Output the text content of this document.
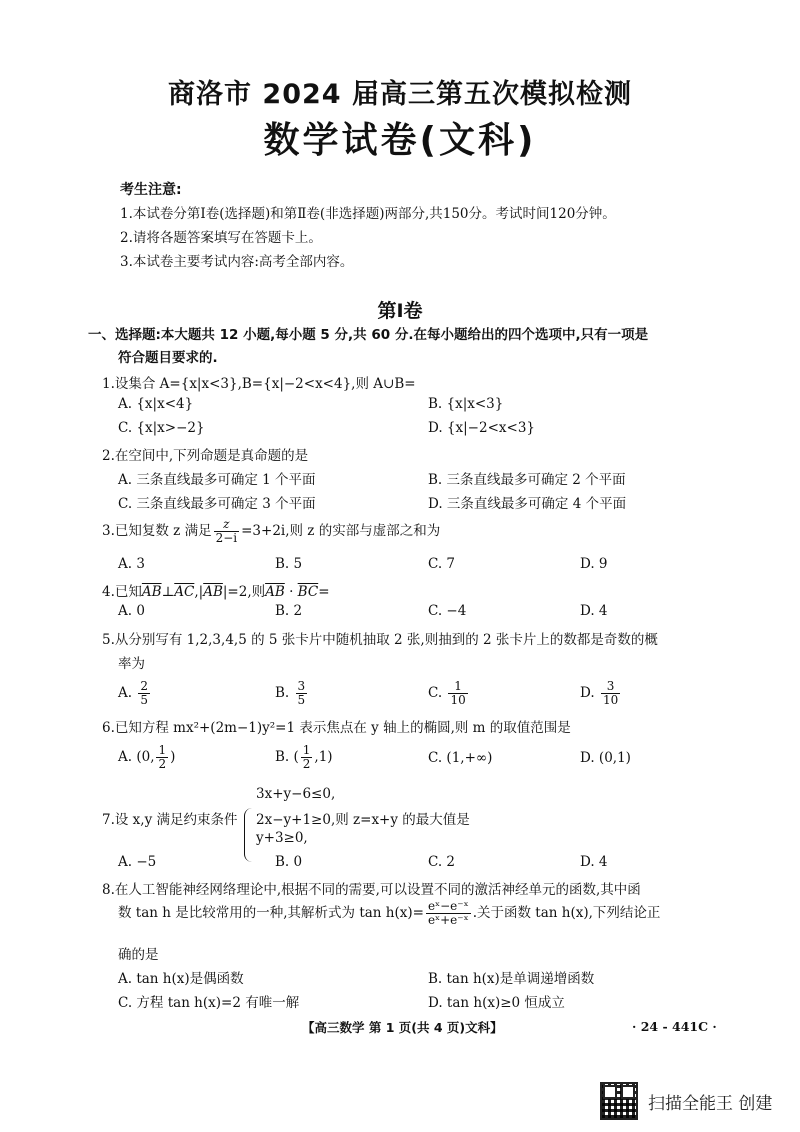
商洛市 2024 届高三第五次模拟检测
数学试卷(文科)
考生注意:
1.本试卷分第Ⅰ卷(选择题)和第Ⅱ卷(非选择题)两部分,共150分。考试时间120分钟。
2.请将各题答案填写在答题卡上。
3.本试卷主要考试内容:高考全部内容。
第Ⅰ卷
一、选择题:本大题共 12 小题,每小题 5 分,共 60 分.在每小题给出的四个选项中,只有一项是
符合题目要求的.
1.设集合 A={x|x<3},B={x|−2<x<4},则 A∪B=
A. {x|x<4}	B. {x|x<3}
C. {x|x>−2}	D. {x|−2<x<3}
2.在空间中,下列命题是真命题的是
A. 三条直线最多可确定 1 个平面	B. 三条直线最多可确定 2 个平面
C. 三条直线最多可确定 3 个平面	D. 三条直线最多可确定 4 个平面
3.已知复数 z 满足 $\frac{z}{2-i} =3+2i$,则 z 的实部与虚部之和为
A. 3	B. 5	C. 7	D. 9
4.已知$\overline{AB}\perp\overline{AC},|\overline{AB}|=2$,则$\overline{AB} \cdot \overline{BC}=$
A. 0	B. 2	C. −4	D. 4
5.从分别写有 1,2,3,4,5 的 5 张卡片中随机抽取 2 张,则抽到的 2 张卡片上的数都是奇数的概
率为
A. $\frac{2}{5}$	B. $\frac{3}{5}$	C. $\frac{1}{10}$	D. $\frac{3}{10}$
6.已知方程 mx²+(2m−1)y²=1 表示焦点在 y 轴上的椭圆,则 m 的取值范围是
A. (0, $\frac{1}{2}$ )	B. ( $\frac{1}{2} ,1$)	C. (1,+∞)	D. (0,1)
7.设 x,y 满足约束条件
3x+y−6≤0,
2x−y+1≥0,则 z=x+y 的最大值是
y+3≥0,
A. −5	B. 0	C. 2	D. 4
8.在人工智能神经网络理论中,根据不同的需要,可以设置不同的激活神经单元的函数,其中函
数 tan h 是比较常用的一种,其解析式为 $\tan h(x)= \frac{\text{eˣ−e⁻ˣ}}{\text{eˣ+e⁻ˣ}}$ .关于函数 tan h(x),下列结论正
确的是
A. tan h(x)是偶函数	B. tan h(x)是单调递增函数
C. 方程 tan h(x)=2 有唯一解	D. tan h(x)≥0 恒成立
【高三数学 第 1 页(共 4 页)文科】	· 24 - 441C ·
扫描全能王 创建
